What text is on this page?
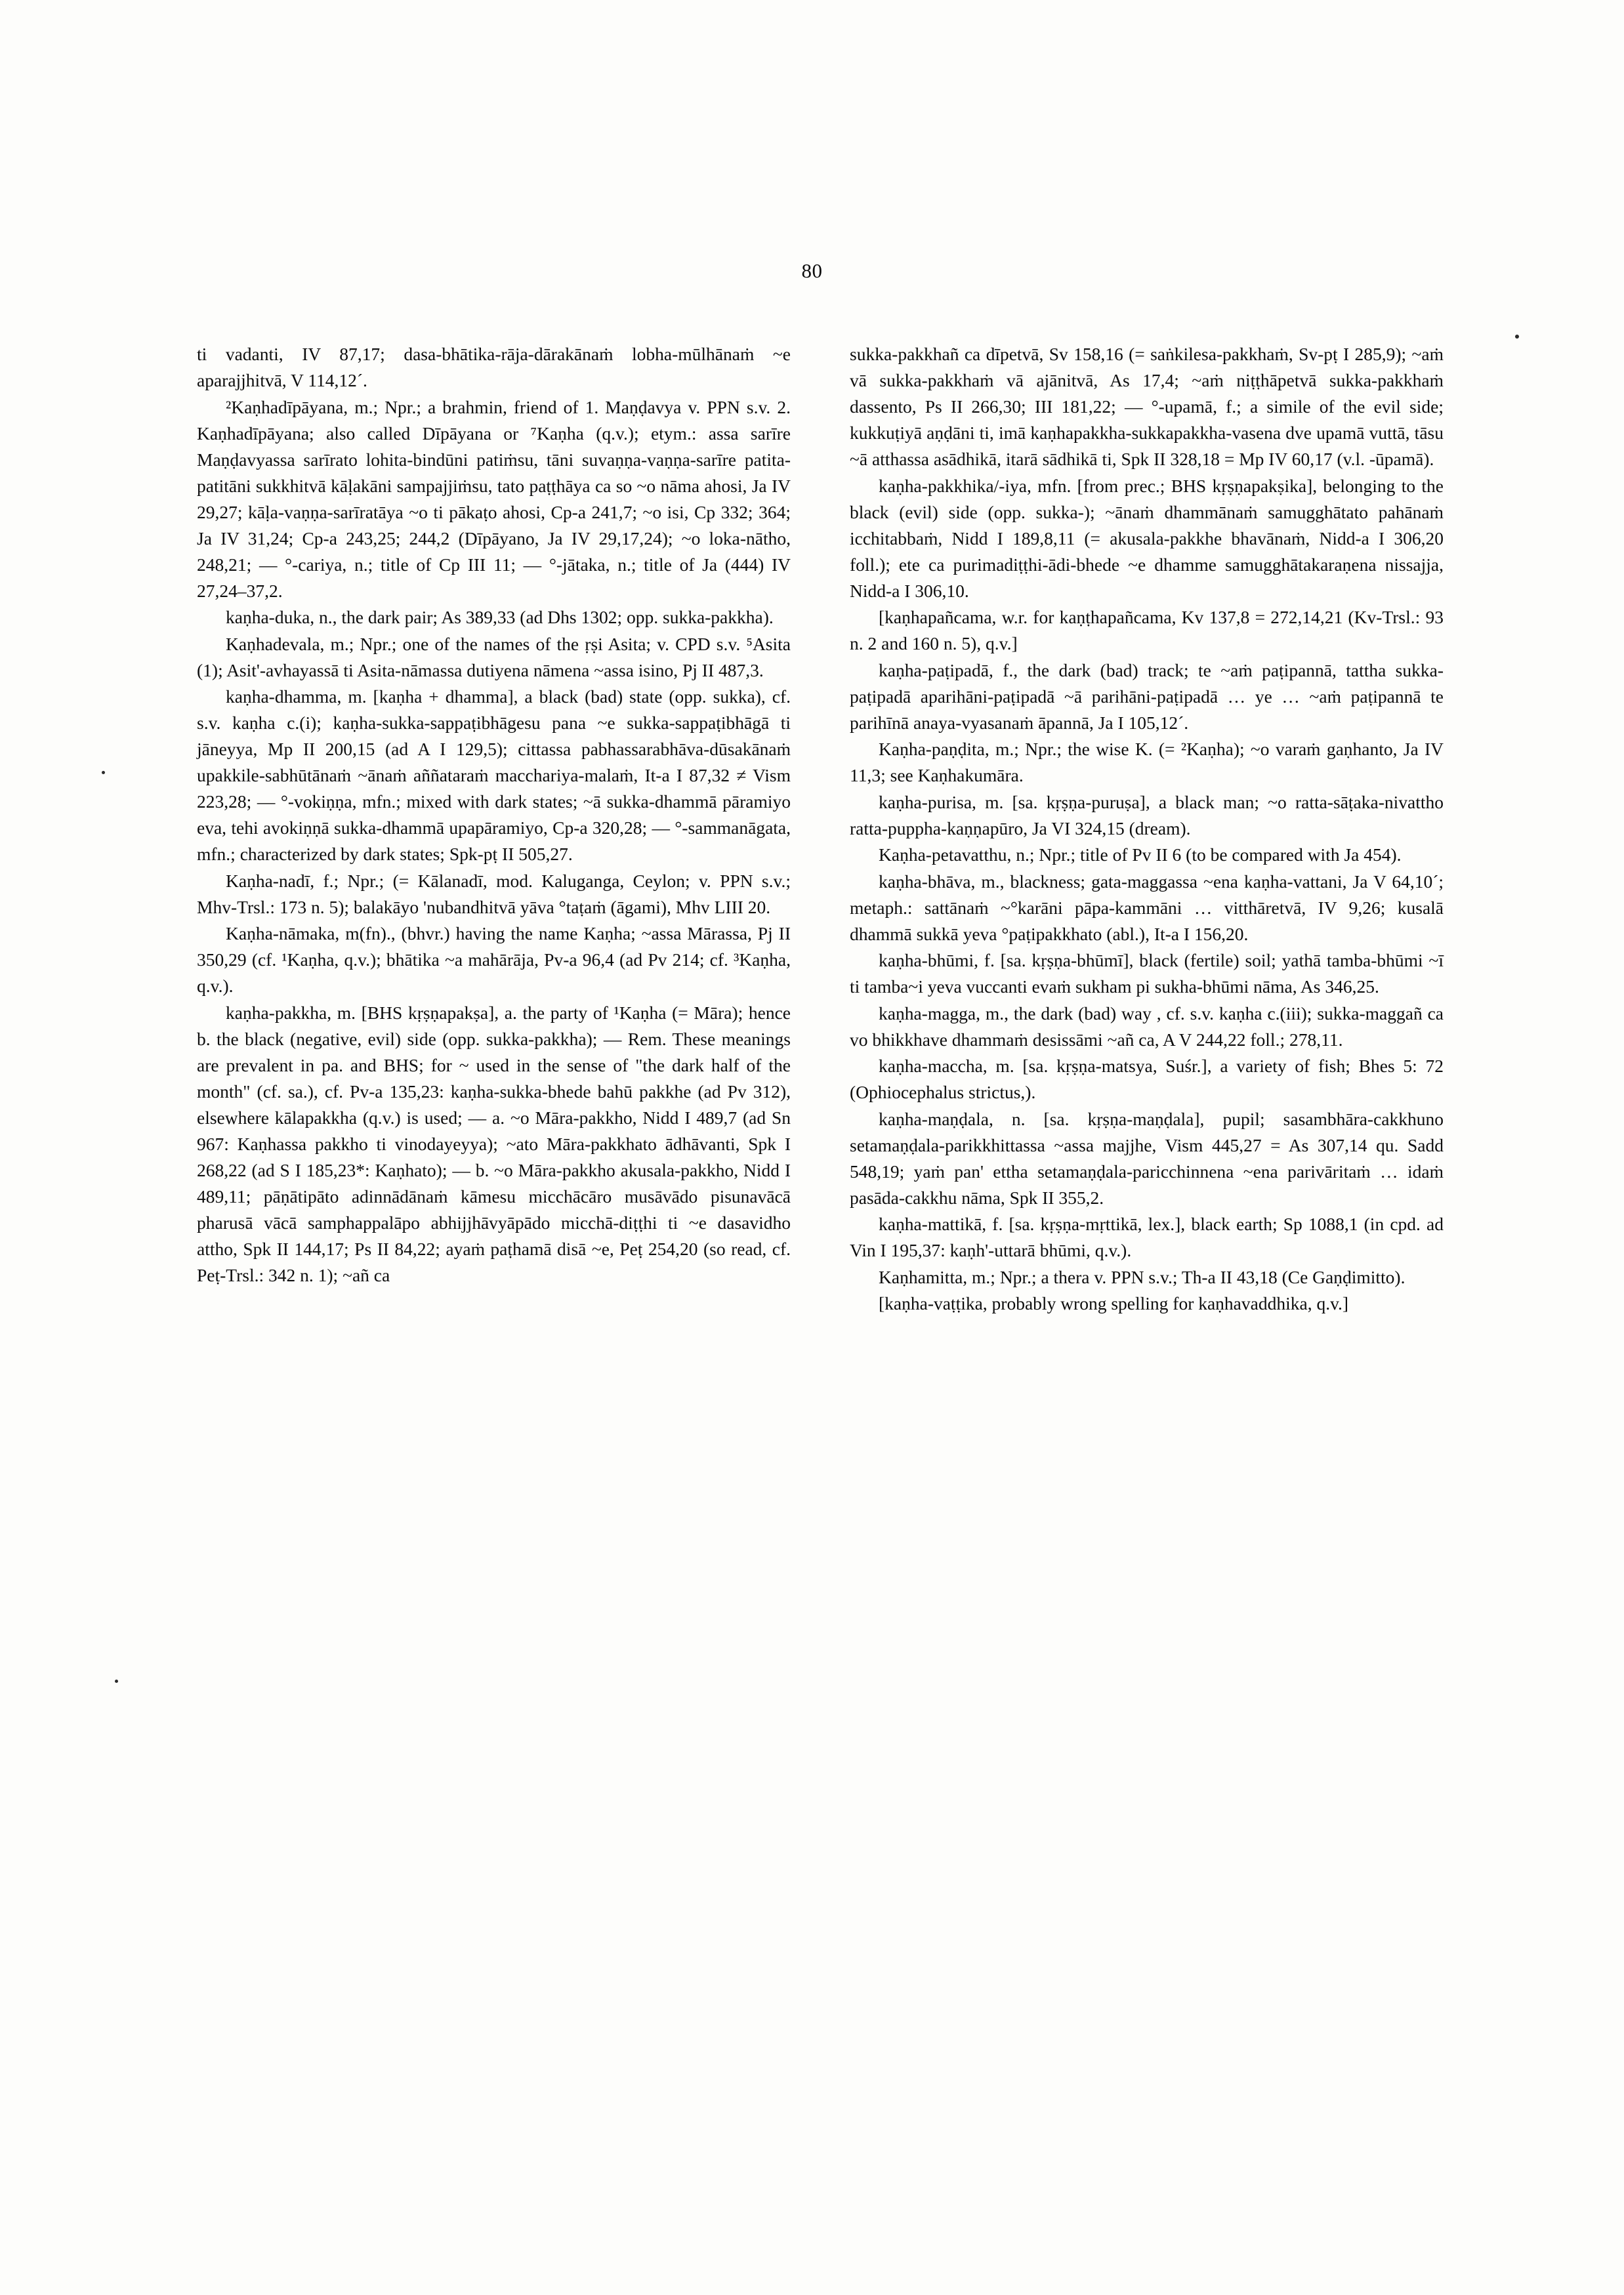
80

ti vadanti, IV 87,17; dasa-bhātika-rāja-dārakānaṁ lobha-mūlhānaṁ ~e aparajjhitvā, V 114,12´.

²Kaṇhadīpāyana, m.; Npr.; a brahmin, friend of 1. Maṇḍavya v. PPN s.v. 2. Kaṇhadīpāyana; also called Dīpāyana or ⁷Kaṇha (q.v.); etym.: assa sarīre Maṇḍavyassa sarīrato lohita-bindūni patiṁsu, tāni suvaṇṇa-vaṇṇa-sarīre patita-patitāni sukkhitvā kāḷakāni sampajjiṁsu, tato paṭṭhāya ca so ~o nāma ahosi, Ja IV 29,27; kāḷa-vaṇṇa-sarīratāya ~o ti pākaṭo ahosi, Cp-a 241,7; ~o isi, Cp 332; 364; Ja IV 31,24; Cp-a 243,25; 244,2 (Dīpāyano, Ja IV 29,17,24); ~o loka-nātho, 248,21; — °-cariya, n.; title of Cp III 11; — °-jātaka, n.; title of Ja (444) IV 27,24–37,2.

kaṇha-duka, n., the dark pair; As 389,33 (ad Dhs 1302; opp. sukka-pakkha).

Kaṇhadevala, m.; Npr.; one of the names of the ṛṣi Asita; v. CPD s.v. ⁵Asita (1); Asit'-avhayassā ti Asita-nāmassa dutiyena nāmena ~assa isino, Pj II 487,3.

kaṇha-dhamma, m. [kaṇha + dhamma], a black (bad) state (opp. sukka), cf. s.v. kaṇha c.(i); kaṇha-sukka-sappaṭibhāgesu pana ~e sukka-sappaṭibhāgā ti jāneyya, Mp II 200,15 (ad A I 129,5); cittassa pabhassarabhāva-dūsakānaṁ upakkile-sabhūtānaṁ ~ānaṁ aññataraṁ macchariya-malaṁ, It-a I 87,32 ≠ Vism 223,28; — °-vokiṇṇa, mfn.; mixed with dark states; ~ā sukka-dhammā pāramiyo eva, tehi avokiṇṇā sukka-dhammā upapāramiyo, Cp-a 320,28; — °-sammanāgata, mfn.; characterized by dark states; Spk-pṭ II 505,27.

Kaṇha-nadī, f.; Npr.; (= Kālanadī, mod. Kaluganga, Ceylon; v. PPN s.v.; Mhv-Trsl.: 173 n. 5); balakāyo 'nubandhitvā yāva °taṭaṁ (āgami), Mhv LIII 20.

Kaṇha-nāmaka, m(fn)., (bhvr.) having the name Kaṇha; ~assa Mārassa, Pj II 350,29 (cf. ¹Kaṇha, q.v.); bhātika ~a mahārāja, Pv-a 96,4 (ad Pv 214; cf. ³Kaṇha, q.v.).

kaṇha-pakkha, m. [BHS kṛṣṇapakṣa], a. the party of ¹Kaṇha (= Māra); hence b. the black (negative, evil) side (opp. sukka-pakkha); — Rem. These meanings are prevalent in pa. and BHS; for ~ used in the sense of "the dark half of the month" (cf. sa.), cf. Pv-a 135,23: kaṇha-sukka-bhede bahū pakkhe (ad Pv 312), elsewhere kālapakkha (q.v.) is used; — a. ~o Māra-pakkho, Nidd I 489,7 (ad Sn 967: Kaṇhassa pakkho ti vinodayeyya); ~ato Māra-pakkhato ādhāvanti, Spk I 268,22 (ad S I 185,23*: Kaṇhato); — b. ~o Māra-pakkho akusala-pakkho, Nidd I 489,11; pāṇātipāto adinnādānaṁ kāmesu micchācāro musāvādo pisunavācā pharusā vācā samphappalāpo abhijjhāvyāpādo micchā-diṭṭhi ti ~e dasavidho attho, Spk II 144,17; Ps II 84,22; ayaṁ paṭhamā disā ~e, Peṭ 254,20 (so read, cf. Peṭ-Trsl.: 342 n. 1); ~añ ca

sukka-pakkhañ ca dīpetvā, Sv 158,16 (= saṅkilesa-pakkhaṁ, Sv-pṭ I 285,9); ~aṁ vā sukka-pakkhaṁ vā ajānitvā, As 17,4; ~aṁ niṭṭhāpetvā sukka-pakkhaṁ dassento, Ps II 266,30; III 181,22; — °-upamā, f.; a simile of the evil side; kukkuṭiyā aṇḍāni ti, imā kaṇhapakkha-sukkapakkha-vasena dve upamā vuttā, tāsu ~ā atthassa asādhikā, itarā sādhikā ti, Spk II 328,18 = Mp IV 60,17 (v.l. -ūpamā).

kaṇha-pakkhika/-iya, mfn. [from prec.; BHS kṛṣṇapakṣika], belonging to the black (evil) side (opp. sukka-); ~ānaṁ dhammānaṁ samugghātato pahānaṁ icchitabbaṁ, Nidd I 189,8,11 (= akusala-pakkhe bhavānaṁ, Nidd-a I 306,20 foll.); ete ca purimadiṭṭhi-ādi-bhede ~e dhamme samugghātakaraṇena nissajja, Nidd-a I 306,10.

[kaṇhapañcama, w.r. for kaṇṭhapañcama, Kv 137,8 = 272,14,21 (Kv-Trsl.: 93 n. 2 and 160 n. 5), q.v.]

kaṇha-paṭipadā, f., the dark (bad) track; te ~aṁ paṭipannā, tattha sukka-paṭipadā aparihāni-paṭipadā ~ā parihāni-paṭipadā … ye … ~aṁ paṭipannā te parihīnā anaya-vyasanaṁ āpannā, Ja I 105,12´.

Kaṇha-paṇḍita, m.; Npr.; the wise K. (= ²Kaṇha); ~o varaṁ gaṇhanto, Ja IV 11,3; see Kaṇhakumāra.

kaṇha-purisa, m. [sa. kṛṣṇa-puruṣa], a black man; ~o ratta-sāṭaka-nivattho ratta-puppha-kaṇṇapūro, Ja VI 324,15 (dream).

Kaṇha-petavatthu, n.; Npr.; title of Pv II 6 (to be compared with Ja 454).

kaṇha-bhāva, m., blackness; gata-maggassa ~ena kaṇha-vattani, Ja V 64,10´; metaph.: sattānaṁ ~°karāni pāpa-kammāni … vitthāretvā, IV 9,26; kusalā dhammā sukkā yeva °paṭipakkhato (abl.), It-a I 156,20.

kaṇha-bhūmi, f. [sa. kṛṣṇa-bhūmī], black (fertile) soil; yathā tamba-bhūmi ~ī ti tamba~i yeva vuccanti evaṁ sukham pi sukha-bhūmi nāma, As 346,25.

kaṇha-magga, m., the dark (bad) way , cf. s.v. kaṇha c.(iii); sukka-maggañ ca vo bhikkhave dhammaṁ desissāmi ~añ ca, A V 244,22 foll.; 278,11.

kaṇha-maccha, m. [sa. kṛṣṇa-matsya, Suśr.], a variety of fish; Bhes 5: 72 (Ophiocephalus strictus,).

kaṇha-maṇḍala, n. [sa. kṛṣṇa-maṇḍala], pupil; sasambhāra-cakkhuno setamaṇḍala-parikkhittassa ~assa majjhe, Vism 445,27 = As 307,14 qu. Sadd 548,19; yaṁ pan' ettha setamaṇḍala-paricchinnena ~ena parivāritaṁ … idaṁ pasāda-cakkhu nāma, Spk II 355,2.

kaṇha-mattikā, f. [sa. kṛṣṇa-mṛttikā, lex.], black earth; Sp 1088,1 (in cpd. ad Vin I 195,37: kaṇh'-uttarā bhūmi, q.v.).

Kaṇhamitta, m.; Npr.; a thera v. PPN s.v.; Th-a II 43,18 (Ce Gaṇḍimitto).

[kaṇha-vaṭṭika, probably wrong spelling for kaṇhavaddhika, q.v.]
